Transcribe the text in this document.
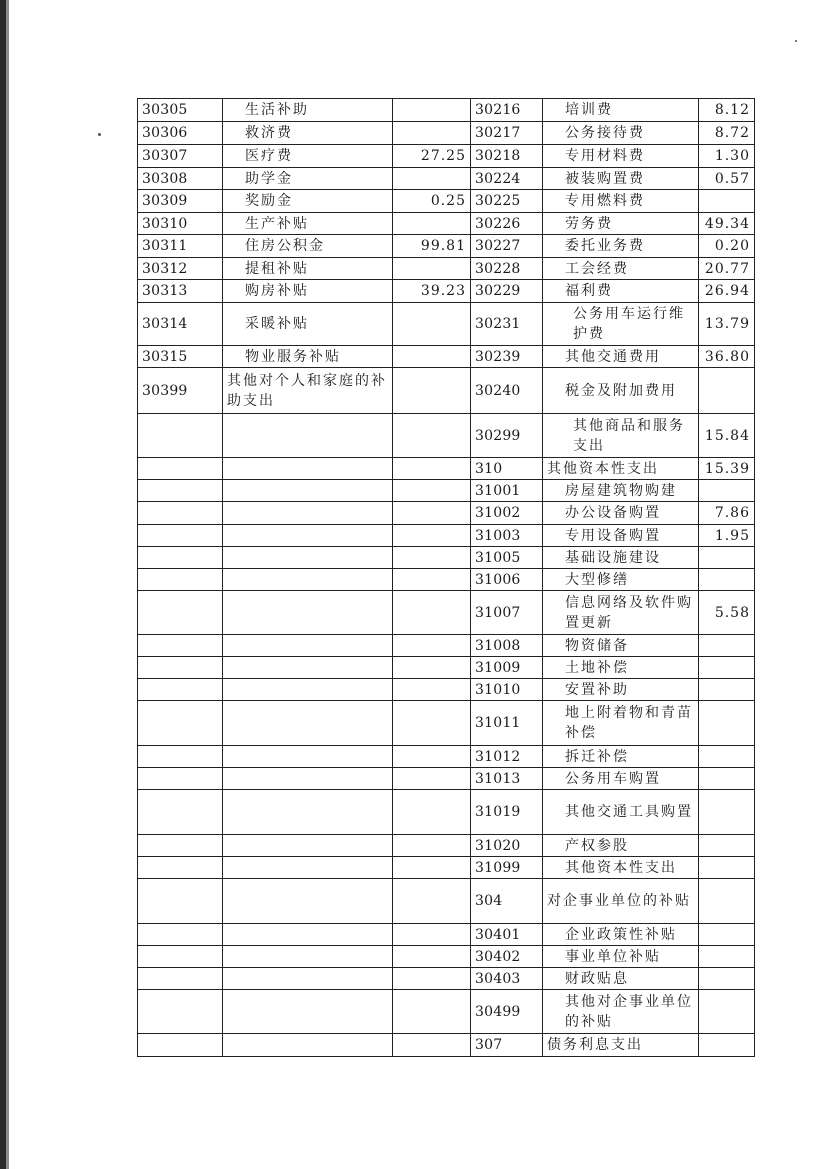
30305	生活补助		30216	培训费	8.12
30306	救济费		30217	公务接待费	8.72
30307	医疗费	27.25	30218	专用材料费	1.30
30308	助学金		30224	被装购置费	0.57
30309	奖励金	0.25	30225	专用燃料费	
30310	生产补贴		30226	劳务费	49.34
30311	住房公积金	99.81	30227	委托业务费	0.20
30312	提租补贴		30228	工会经费	20.77
30313	购房补贴	39.23	30229	福利费	26.94
30314	采暖补贴		30231	公务用车运行维护费	13.79
30315	物业服务补贴		30239	其他交通费用	36.80
30399	其他对个人和家庭的补助支出		30240	税金及附加费用	
			30299	其他商品和服务支出	15.84
			310	其他资本性支出	15.39
			31001	房屋建筑物购建	
			31002	办公设备购置	7.86
			31003	专用设备购置	1.95
			31005	基础设施建设	
			31006	大型修缮	
			31007	信息网络及软件购置更新	5.58
			31008	物资储备	
			31009	土地补偿	
			31010	安置补助	
			31011	地上附着物和青苗补偿	
			31012	拆迁补偿	
			31013	公务用车购置	
			31019	其他交通工具购置	
			31020	产权参股	
			31099	其他资本性支出	
			304	对企事业单位的补贴	
			30401	企业政策性补贴	
			30402	事业单位补贴	
			30403	财政贴息	
			30499	其他对企事业单位的补贴	
			307	债务利息支出	
